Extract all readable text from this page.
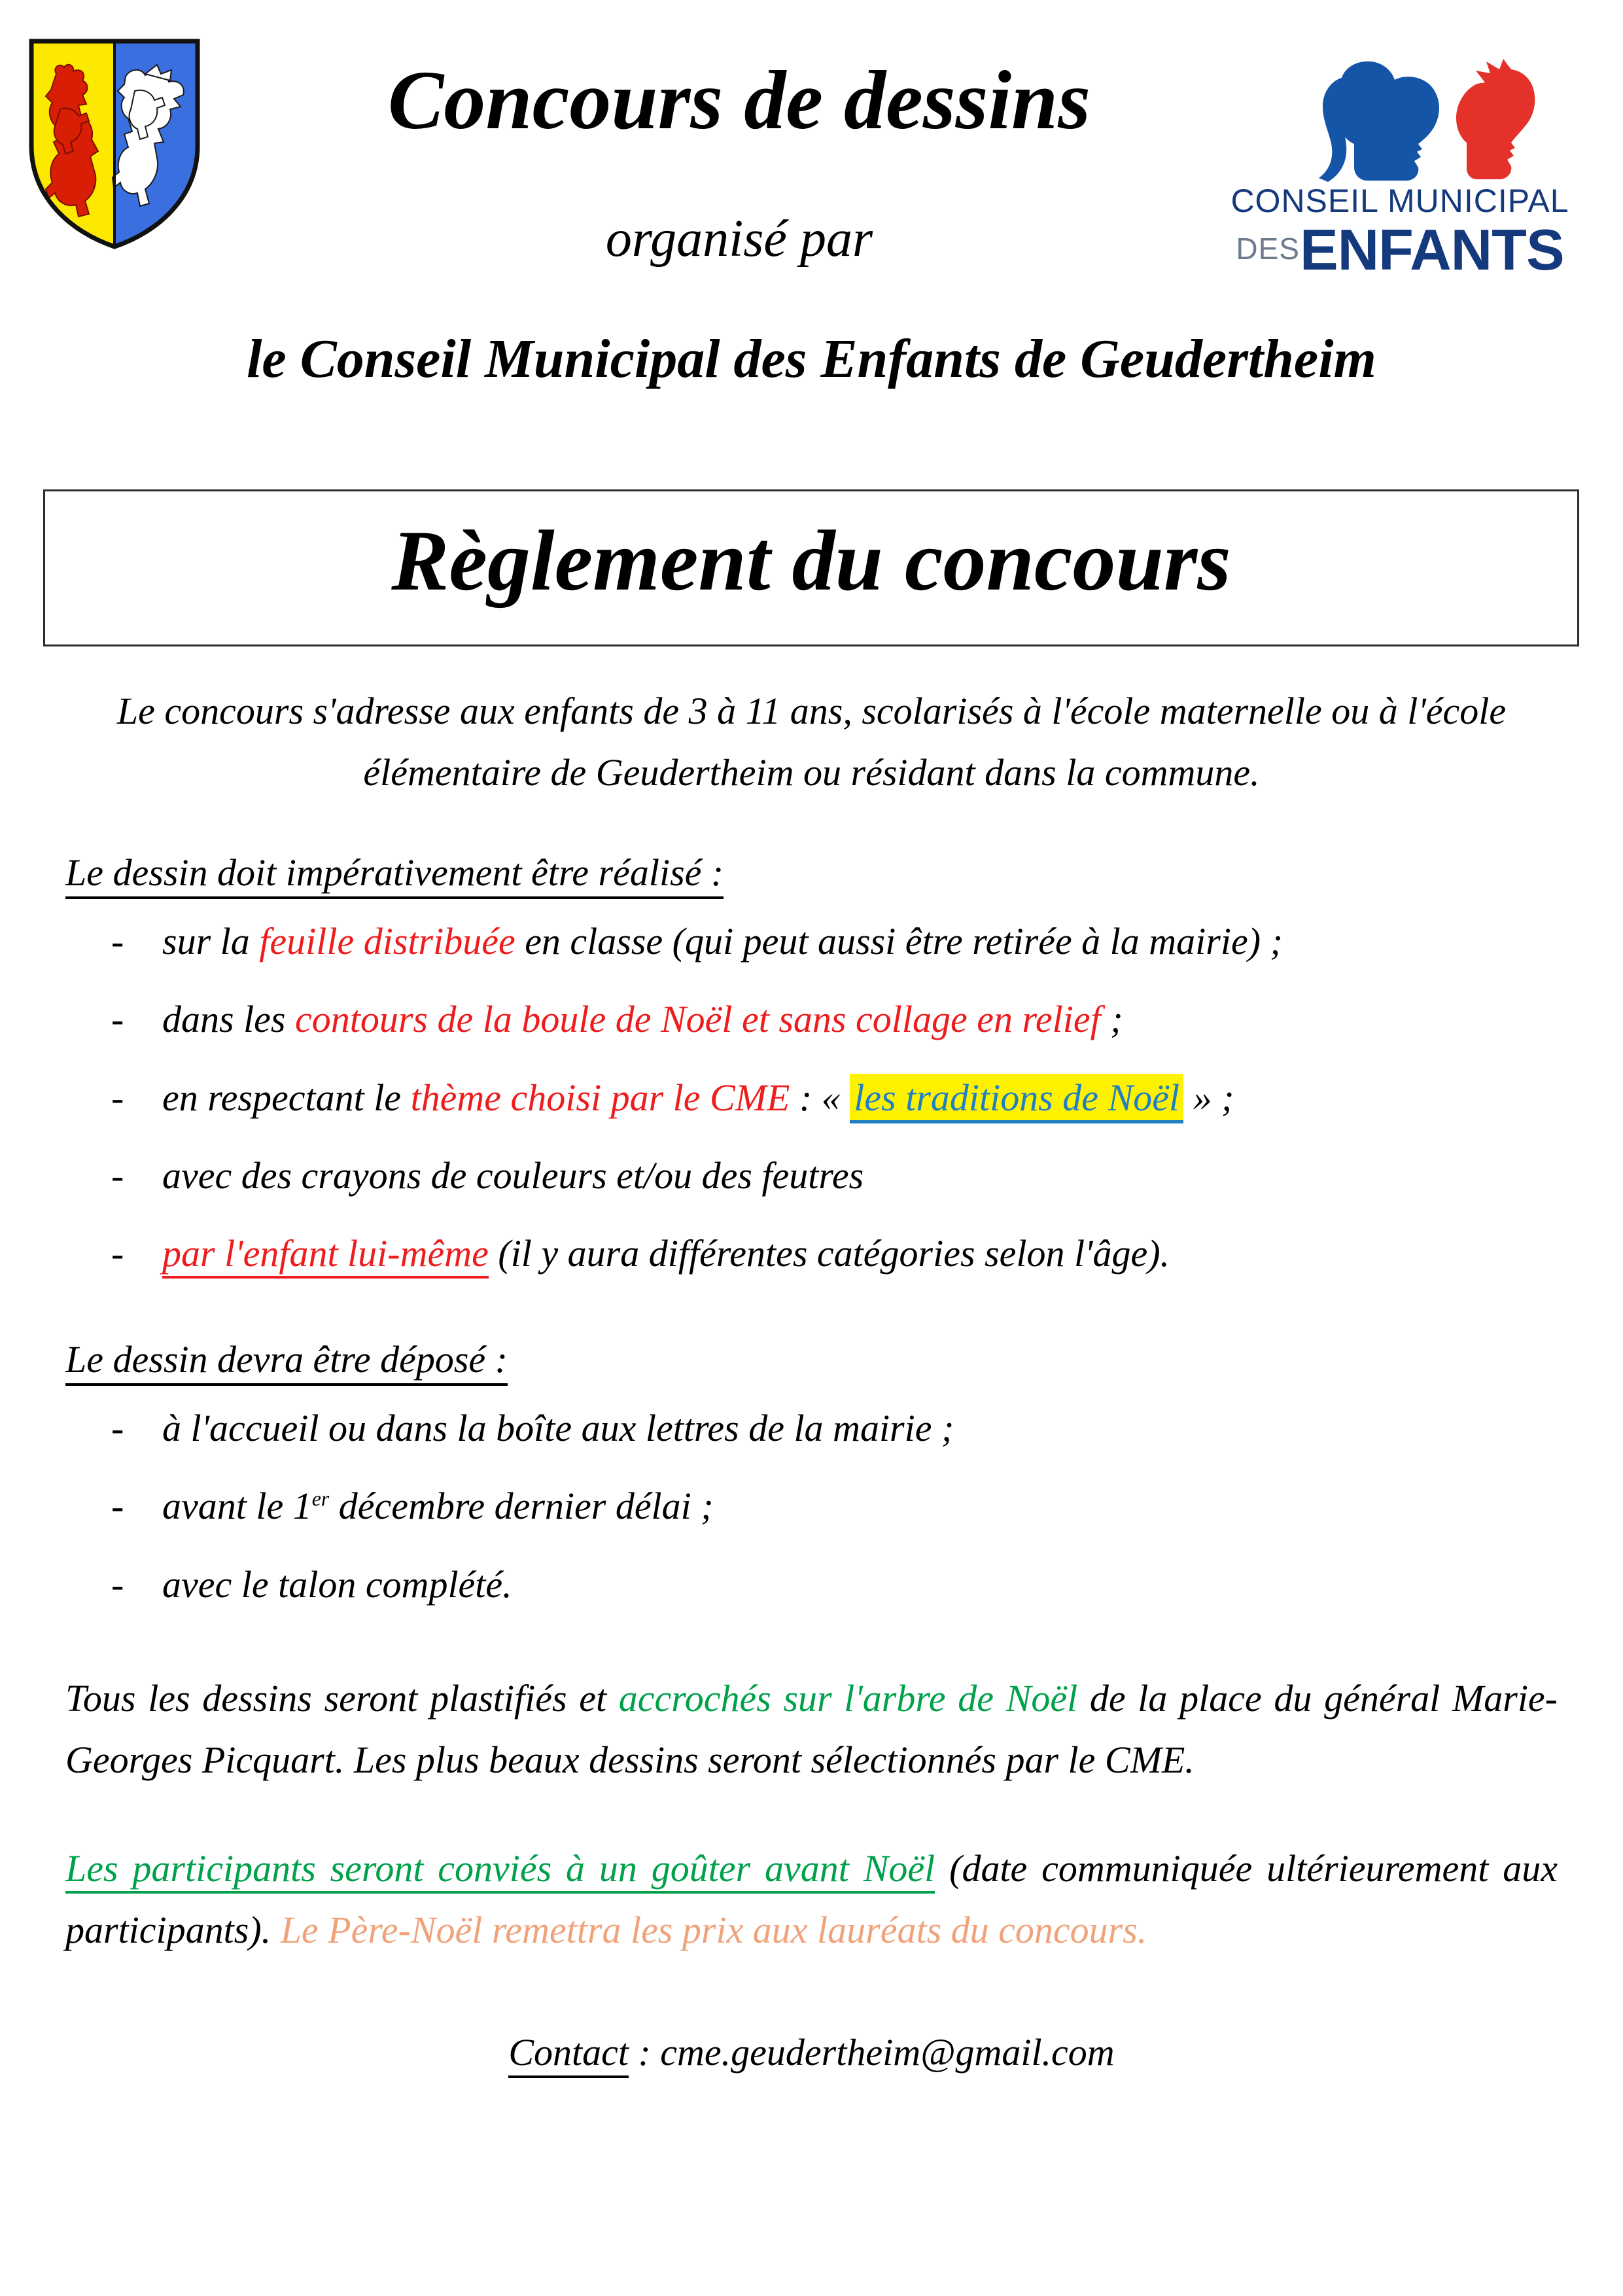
Concours de dessins
organisé par
le Conseil Municipal des Enfants de Geudertheim
CONSEIL MUNICIPAL
DESENFANTS
Règlement du concours

Le concours s'adresse aux enfants de 3 à 11 ans, scolarisés à l'école maternelle ou à l'école élémentaire de Geudertheim ou résidant dans la commune.

Le dessin doit impérativement être réalisé :
- sur la feuille distribuée en classe (qui peut aussi être retirée à la mairie) ;
- dans les contours de la boule de Noël et sans collage en relief ;
- en respectant le thème choisi par le CME : « les traditions de Noël » ;
- avec des crayons de couleurs et/ou des feutres
- par l'enfant lui-même (il y aura différentes catégories selon l'âge).
Le dessin devra être déposé :
- à l'accueil ou dans la boîte aux lettres de la mairie ;
- avant le 1er décembre dernier délai ;
- avec le talon complété.

Tous les dessins seront plastifiés et accrochés sur l'arbre de Noël de la place du général Marie-Georges Picquart. Les plus beaux dessins seront sélectionnés par le CME.

Les participants seront conviés à un goûter avant Noël (date communiquée ultérieurement aux participants). Le Père-Noël remettra les prix aux lauréats du concours.

Contact : cme.geudertheim@gmail.com
